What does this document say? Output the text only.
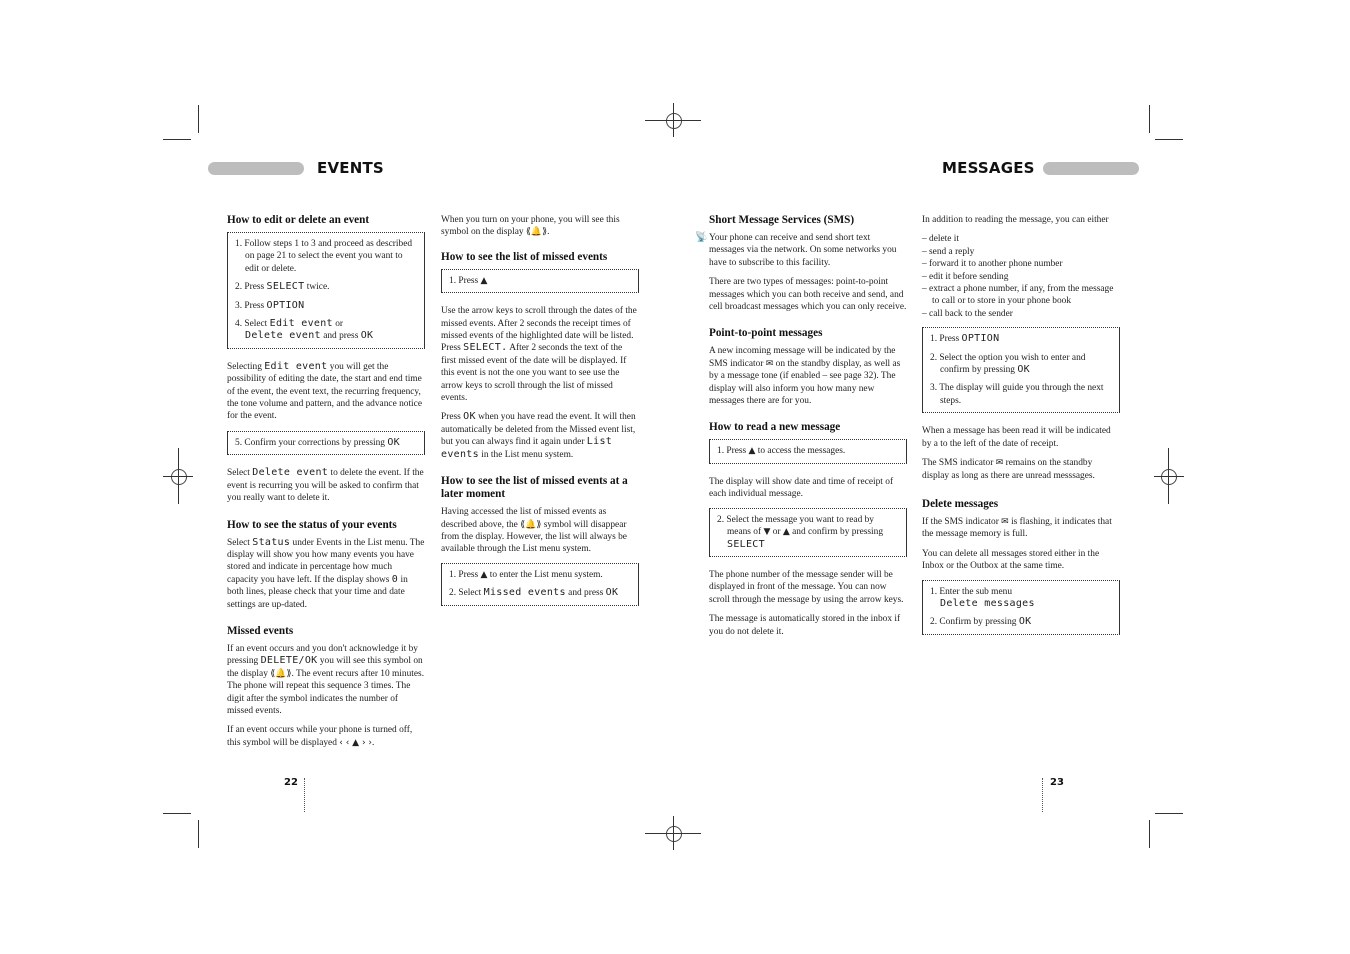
EVENTS	MESSAGES

How to edit or delete an event

1. Follow steps 1 to 3 and proceed as described on page 21 to select the event you want to edit or delete.

2. Press SELECT twice.

3. Press OPTION

4. Select Edit event or
Delete event and press OK

Selecting Edit event you will get the possibility of editing the date, the start and end time of the event, the event text, the recurring frequency, the tone volume and pattern, and the advance notice for the event.

5. Confirm your corrections by pressing OK

Select Delete event to delete the event. If the event is recurring you will be asked to confirm that you really want to delete it.

How to see the status of your events

Select Status under Events in the List menu. The display will show you how many events you have stored and indicate in percentage how much capacity you have left. If the display shows 0 in both lines, please check that your time and date settings are up-dated.

Missed events

If an event occurs and you don't acknowledge it by pressing DELETE/OK you will see this symbol on the display ⟪🔔⟫. The event recurs after 10 minutes. The phone will repeat this sequence 3 times. The digit after the symbol indicates the number of missed events.

If an event occurs while your phone is turned off, this symbol will be displayed ‹ ‹ ▲ › ›.

When you turn on your phone, you will see this symbol on the display ⟪🔔⟫.

How to see the list of missed events

1. Press ▲

Use the arrow keys to scroll through the dates of the missed events. After 2 seconds the receipt times of missed events of the highlighted date will be listed. Press SELECT. After 2 seconds the text of the first missed event of the date will be displayed. If this event is not the one you want to see use the arrow keys to scroll through the list of missed events.

Press OK when you have read the event. It will then automatically be deleted from the Missed event list, but you can always find it again under List events in the List menu system.

How to see the list of missed events at a later moment

Having accessed the list of missed events as described above, the ⟪🔔⟫ symbol will disappear from the display. However, the list will always be available through the List menu system.

1. Press ▲ to enter the List menu system.

2. Select Missed events and press OK

📡

Short Message Services (SMS)

Your phone can receive and send short text messages via the network. On some networks you have to subscribe to this facility.

There are two types of messages: point-to-point messages which you can both receive and send, and cell broadcast messages which you can only receive.

Point-to-point messages

A new incoming message will be indicated by the SMS indicator ✉ on the standby display, as well as by a message tone (if enabled – see page 32). The display will also inform you how many new messages there are for you.

How to read a new message

1. Press ▲ to access the messages.

The display will show date and time of receipt of each individual message.

2. Select the message you want to read by means of ▼ or ▲ and confirm by pressing SELECT

The phone number of the message sender will be displayed in front of the message. You can now scroll through the message by using the arrow keys.

The message is automatically stored in the inbox if you do not delete it.

In addition to reading the message, you can either

– delete it

– send a reply

– forward it to another phone number

– edit it before sending

– extract a phone number, if any, from the message to call or to store in your phone book

– call back to the sender

1. Press OPTION

2. Select the option you wish to enter and confirm by pressing OK

3. The display will guide you through the next steps.

When a message has been read it will be indicated by a to the left of the date of receipt.

The SMS indicator ✉ remains on the standby display as long as there are unread messsages.

Delete messages

If the SMS indicator ✉ is flashing, it indicates that the message memory is full.

You can delete all messages stored either in the Inbox or the Outbox at the same time.

1. Enter the sub menu
Delete messages

2. Confirm by pressing OK

22	23
